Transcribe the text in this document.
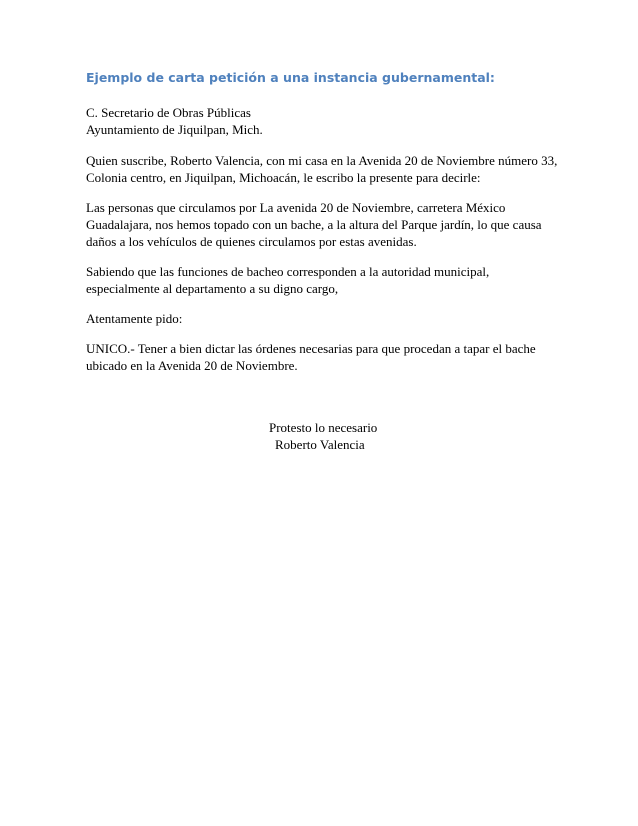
Ejemplo de carta petición a una instancia gubernamental:
C. Secretario de Obras Públicas
Ayuntamiento de Jiquilpan, Mich.
Quien suscribe, Roberto Valencia, con mi casa en la Avenida 20 de Noviembre número 33,
Colonia centro, en Jiquilpan, Michoacán, le escribo la presente para decirle:
Las personas que circulamos por La avenida 20 de Noviembre, carretera México
Guadalajara, nos hemos topado con un bache, a la altura del Parque jardín, lo que causa
daños a los vehículos de quienes circulamos por estas avenidas.
Sabiendo que las funciones de bacheo corresponden a la autoridad municipal,
especialmente al departamento a su digno cargo,
Atentamente pido:
UNICO.- Tener a bien dictar las órdenes necesarias para que procedan a tapar el bache
ubicado en la Avenida 20 de Noviembre.
Protesto lo necesario
Roberto Valencia
